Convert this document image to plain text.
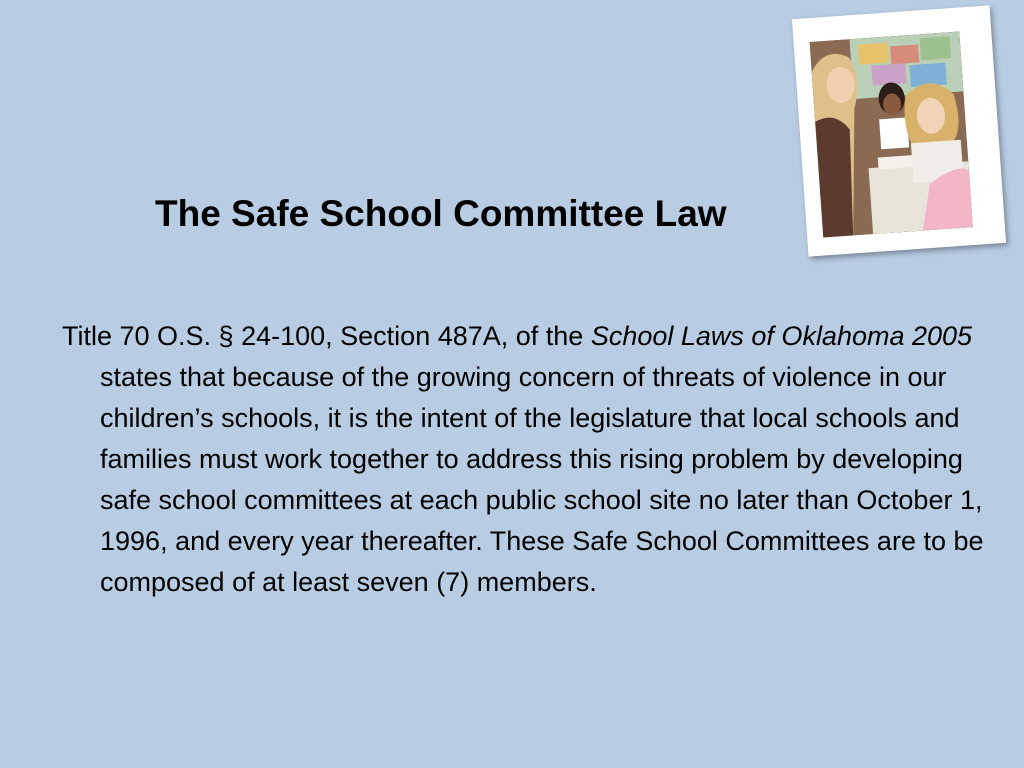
The Safe School Committee Law
Title 70 O.S. § 24-100, Section 487A, of the School Laws of Oklahoma 2005 states that because of the growing concern of threats of violence in our children’s schools, it is the intent of the legislature that local schools and families must work together to address this rising problem by developing safe school committees at each public school site no later than October 1, 1996, and every year thereafter. These Safe School Committees are to be composed of at least seven (7) members.
